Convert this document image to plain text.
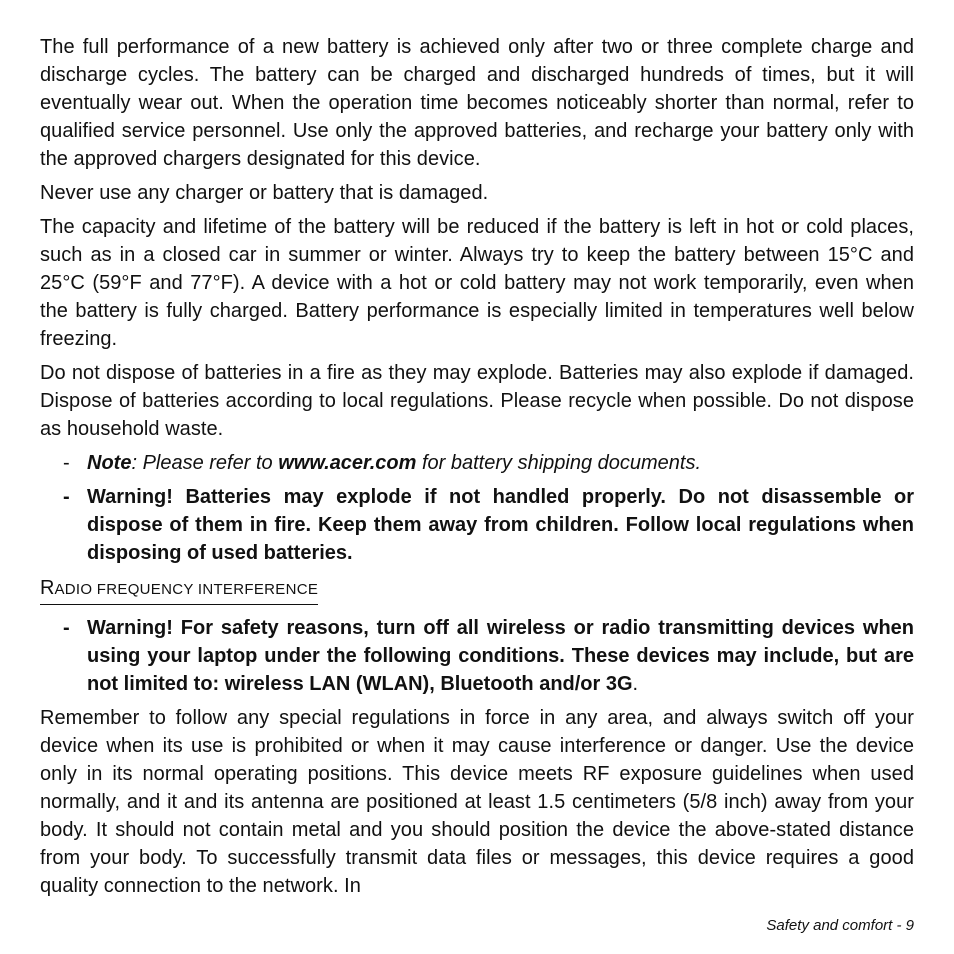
The full performance of a new battery is achieved only after two or three complete charge and discharge cycles. The battery can be charged and discharged hundreds of times, but it will eventually wear out. When the operation time becomes noticeably shorter than normal, refer to qualified service personnel. Use only the approved batteries, and recharge your battery only with the approved chargers designated for this device.

Never use any charger or battery that is damaged.

The capacity and lifetime of the battery will be reduced if the battery is left in hot or cold places, such as in a closed car in summer or winter. Always try to keep the battery between 15°C and 25°C (59°F and 77°F). A device with a hot or cold battery may not work temporarily, even when the battery is fully charged. Battery performance is especially limited in temperatures well below freezing.

Do not dispose of batteries in a fire as they may explode. Batteries may also explode if damaged. Dispose of batteries according to local regulations. Please recycle when possible. Do not dispose as household waste.

- Note: Please refer to www.acer.com for battery shipping documents.
- Warning! Batteries may explode if not handled properly. Do not disassemble or dispose of them in fire. Keep them away from children. Follow local regulations when disposing of used batteries.
RADIO FREQUENCY INTERFERENCE
- Warning! For safety reasons, turn off all wireless or radio transmitting devices when using your laptop under the following conditions. These devices may include, but are not limited to: wireless LAN (WLAN), Bluetooth and/or 3G.

Remember to follow any special regulations in force in any area, and always switch off your device when its use is prohibited or when it may cause interference or danger. Use the device only in its normal operating positions. This device meets RF exposure guidelines when used normally, and it and its antenna are positioned at least 1.5 centimeters (5/8 inch) away from your body. It should not contain metal and you should position the device the above-stated distance from your body. To successfully transmit data files or messages, this device requires a good quality connection to the network. In

Safety and comfort - 9
